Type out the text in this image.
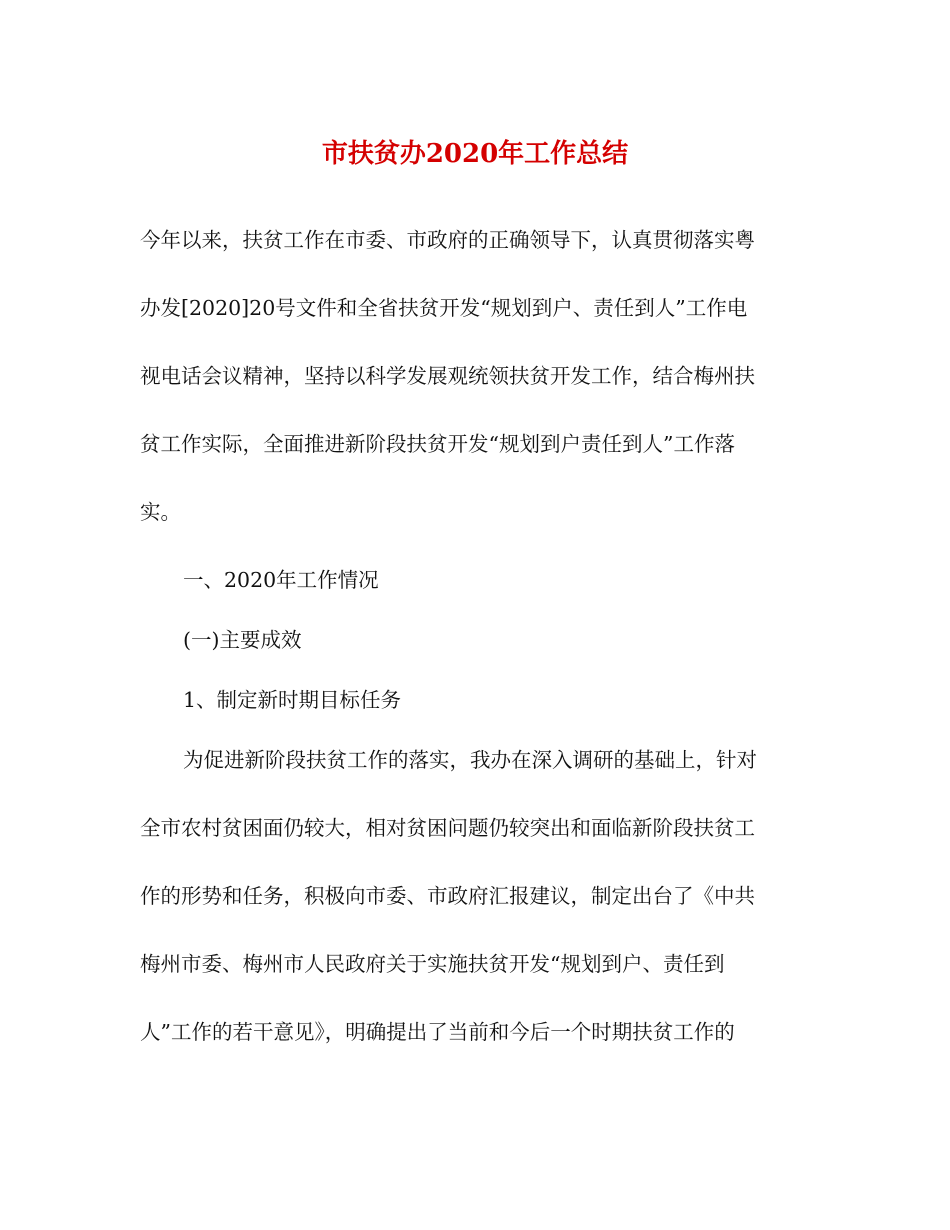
市扶贫办2020年工作总结
今年以来，扶贫工作在市委、市政府的正确领导下，认真贯彻落实粤
办发[2020]20号文件和全省扶贫开发“规划到户、责任到人”工作电
视电话会议精神，坚持以科学发展观统领扶贫开发工作，结合梅州扶
贫工作实际，全面推进新阶段扶贫开发“规划到户责任到人”工作落
实。
一、2020年工作情况
(一)主要成效
1、制定新时期目标任务
为促进新阶段扶贫工作的落实，我办在深入调研的基础上，针对
全市农村贫困面仍较大，相对贫困问题仍较突出和面临新阶段扶贫工
作的形势和任务，积极向市委、市政府汇报建议，制定出台了《中共
梅州市委、梅州市人民政府关于实施扶贫开发“规划到户、责任到
人”工作的若干意见》，明确提出了当前和今后一个时期扶贫工作的
